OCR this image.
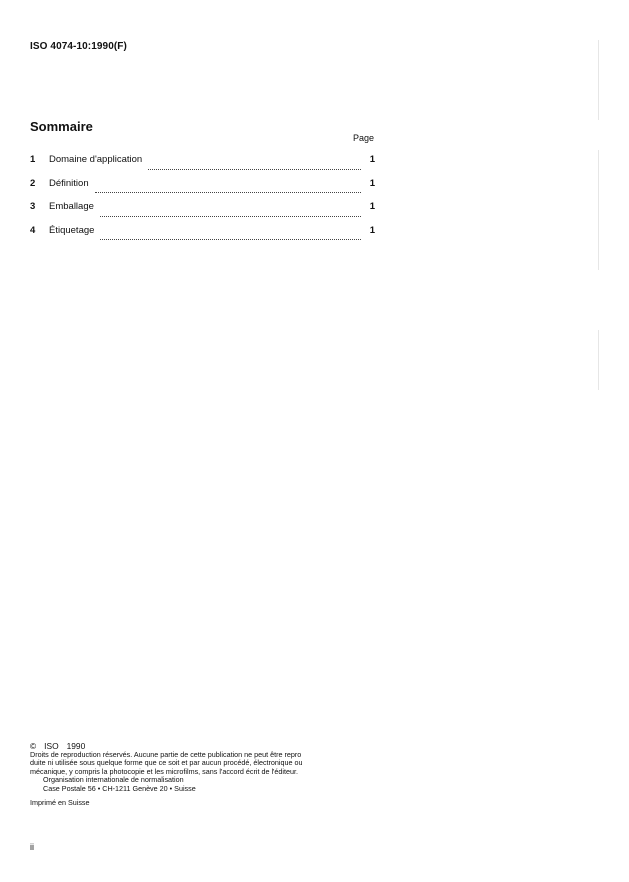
ISO 4074-10:1990(F)
Sommaire
Page
1	Domaine d'application	1
2	Définition	1
3	Emballage	1
4	Étiquetage	1
© ISO 1990
Droits de reproduction réservés. Aucune partie de cette publication ne peut être repro
duite ni utilisée sous quelque forme que ce soit et par aucun procédé, électronique ou
mécanique, y compris la photocopie et les microfilms, sans l'accord écrit de l'éditeur.
Organisation internationale de normalisation
Case Postale 56 • CH-1211 Genève 20 • Suisse
Imprimé en Suisse
ii
